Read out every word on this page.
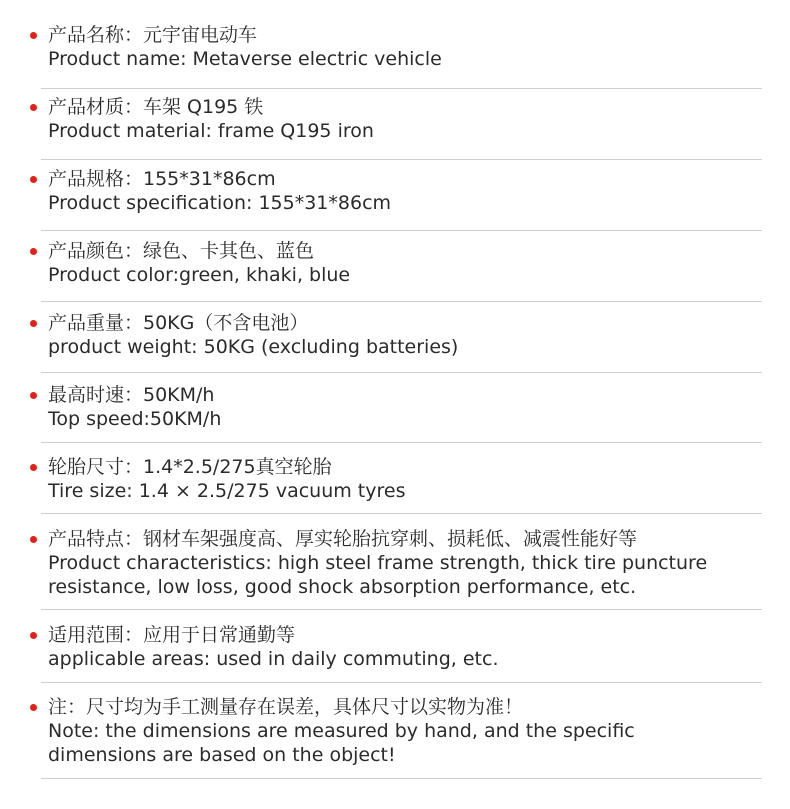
产品名称：元宇宙电动车
Product name: Metaverse electric vehicle
产品材质：车架 Q195 铁
Product material: frame Q195 iron
产品规格：155*31*86cm
Product specification: 155*31*86cm
产品颜色：绿色、卡其色、蓝色
Product color:green, khaki, blue
产品重量：50KG（不含电池）
product weight: 50KG (excluding batteries)
最高时速：50KM/h
Top speed:50KM/h
轮胎尺寸：1.4*2.5/275真空轮胎
Tire size: 1.4 × 2.5/275 vacuum tyres
产品特点：钢材车架强度高、厚实轮胎抗穿刺、损耗低、减震性能好等
Product characteristics: high steel frame strength, thick tire puncture resistance, low loss, good shock absorption performance, etc.
适用范围：应用于日常通勤等
applicable areas: used in daily commuting, etc.
注：尺寸均为手工测量存在误差，具体尺寸以实物为准！
Note: the dimensions are measured by hand, and the specific dimensions are based on the object!
